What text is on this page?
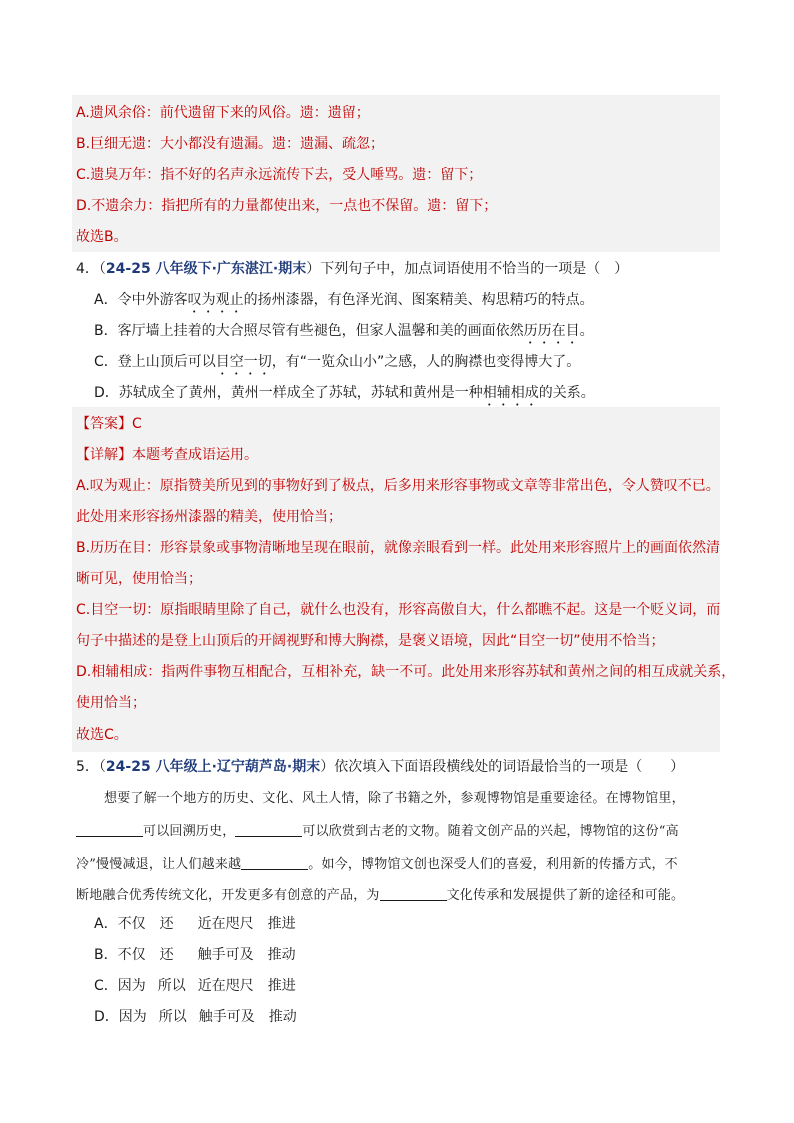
A.遗风余俗：前代遗留下来的风俗。遗：遗留；
B.巨细无遗：大小都没有遗漏。遗：遗漏、疏忽；
C.遗臭万年：指不好的名声永远流传下去，受人唾骂。遗：留下；
D.不遗余力：指把所有的力量都使出来，一点也不保留。遗：留下；
故选B。
4．（24-25 八年级下·广东湛江·期末）下列句子中，加点词语使用不恰当的一项是（　）
A．令中外游客叹为观止的扬州漆器，有色泽光润、图案精美、构思精巧的特点。
B．客厅墙上挂着的大合照尽管有些褪色，但家人温馨和美的画面依然历历在目。
C．登上山顶后可以目空一切，有“一览众山小”之感，人的胸襟也变得博大了。
D．苏轼成全了黄州，黄州一样成全了苏轼，苏轼和黄州是一种相辅相成的关系。
【答案】C
【详解】本题考查成语运用。
A.叹为观止：原指赞美所见到的事物好到了极点，后多用来形容事物或文章等非常出色，令人赞叹不已。
此处用来形容扬州漆器的精美，使用恰当；
B.历历在目：形容景象或事物清晰地呈现在眼前，就像亲眼看到一样。此处用来形容照片上的画面依然清
晰可见，使用恰当；
C.目空一切：原指眼睛里除了自己，就什么也没有，形容高傲自大，什么都瞧不起。这是一个贬义词，而
句子中描述的是登上山顶后的开阔视野和博大胸襟，是褒义语境，因此“目空一切”使用不恰当；
D.相辅相成：指两件事物互相配合，互相补充，缺一不可。此处用来形容苏轼和黄州之间的相互成就关系，
使用恰当；
故选C。
5．（24-25 八年级上·辽宁葫芦岛·期末）依次填入下面语段横线处的词语最恰当的一项是（　　）
想要了解一个地方的历史、文化、风土人情，除了书籍之外，参观博物馆是重要途径。在博物馆里，
可以回溯历史，	可以欣赏到古老的文物。随着文创产品的兴起，博物馆的这份“高
冷”慢慢减退，让人们越来越	。如今，博物馆文创也深受人们的喜爱，利用新的传播方式，不
断地融合优秀传统文化，开发更多有创意的产品，为	文化传承和发展提供了新的途径和可能。
A．不仅 还 近在咫尺 推进
B．不仅 还 触手可及 推动
C．因为 所以 近在咫尺 推进
D．因为 所以 触手可及 推动
